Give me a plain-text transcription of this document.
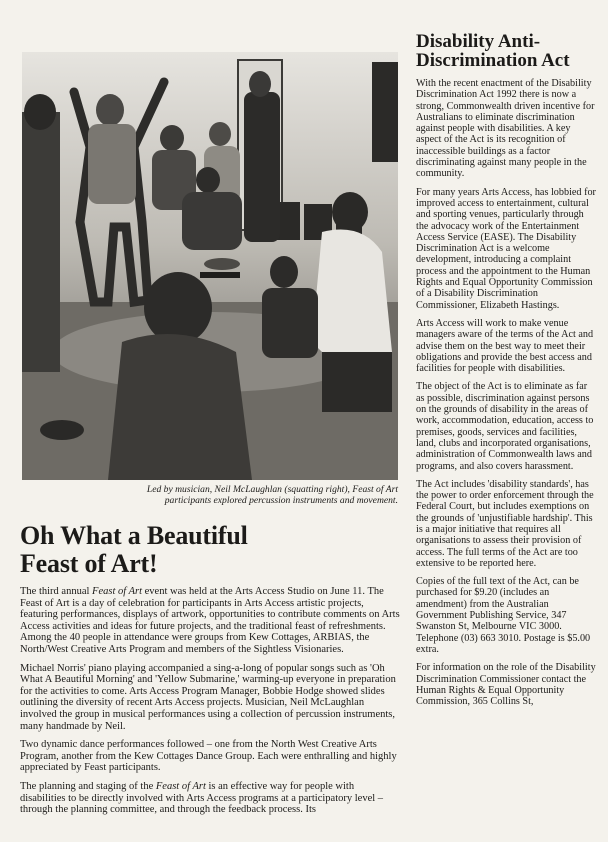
Led by musician, Neil McLaughlan (squatting right), Feast of Art
participants explored percussion instruments and movement.
Oh What a Beautiful
Feast of Art!

The third annual Feast of Art event was held at the Arts Access Studio on June 11. The Feast of Art is a day of celebration for participants in Arts Access artistic projects, featuring performances, displays of artwork, opportunities to contribute comments on Arts Access activities and ideas for future projects, and the traditional feast of refreshments. Among the 40 people in attendance were groups from Kew Cottages, ARBIAS, the North/West Creative Arts Program and members of the Sightless Visionaries.

Michael Norris' piano playing accompanied a sing-a-long of popular songs such as 'Oh What A Beautiful Morning' and 'Yellow Submarine,' warming-up everyone in preparation for the activities to come. Arts Access Program Manager, Bobbie Hodge showed slides outlining the diversity of recent Arts Access projects. Musician, Neil McLaughlan involved the group in musical performances using a collection of percussion instruments, many handmade by Neil.

Two dynamic dance performances followed – one from the North West Creative Arts Program, another from the Kew Cottages Dance Group. Each were enthralling and highly appreciated by Feast participants.

The planning and staging of the Feast of Art is an effective way for people with disabilities to be directly involved with Arts Access programs at a participatory level – through the planning committee, and through the feedback process. Its

Disability Anti-
Discrimination Act

With the recent enactment of the Disability Discrimination Act 1992 there is now a strong, Commonwealth driven incentive for Australians to eliminate discrimination against people with disabilities. A key aspect of the Act is its recognition of inaccessible buildings as a factor discriminating against many people in the community.

For many years Arts Access, has lobbied for improved access to entertainment, cultural and sporting venues, particularly through the advocacy work of the Entertainment Access Service (EASE). The Disability Discrimination Act is a welcome development, introducing a complaint process and the appointment to the Human Rights and Equal Opportunity Commission of a Disability Discrimination Commissioner, Elizabeth Hastings.

Arts Access will work to make venue managers aware of the terms of the Act and advise them on the best way to meet their obligations and provide the best access and facilities for people with disabilities.

The object of the Act is to eliminate as far as possible, discrimination against persons on the grounds of disability in the areas of work, accommodation, education, access to premises, goods, services and facilities, land, clubs and incorporated organisations, administration of Commonwealth laws and programs, and also covers harassment.

The Act includes 'disability standards', has the power to order enforcement through the Federal Court, but includes exemptions on the grounds of 'unjustifiable hardship'. This is a major initiative that requires all organisations to assess their provision of access. The full terms of the Act are too extensive to be reported here.

Copies of the full text of the Act, can be purchased for $9.20 (includes an amendment) from the Australian Government Publishing Service, 347 Swanston St, Melbourne VIC 3000. Telephone (03) 663 3010. Postage is $5.00 extra.

For information on the role of the Disability Discrimination Commissioner contact the Human Rights & Equal Opportunity Commission, 365 Collins St,
